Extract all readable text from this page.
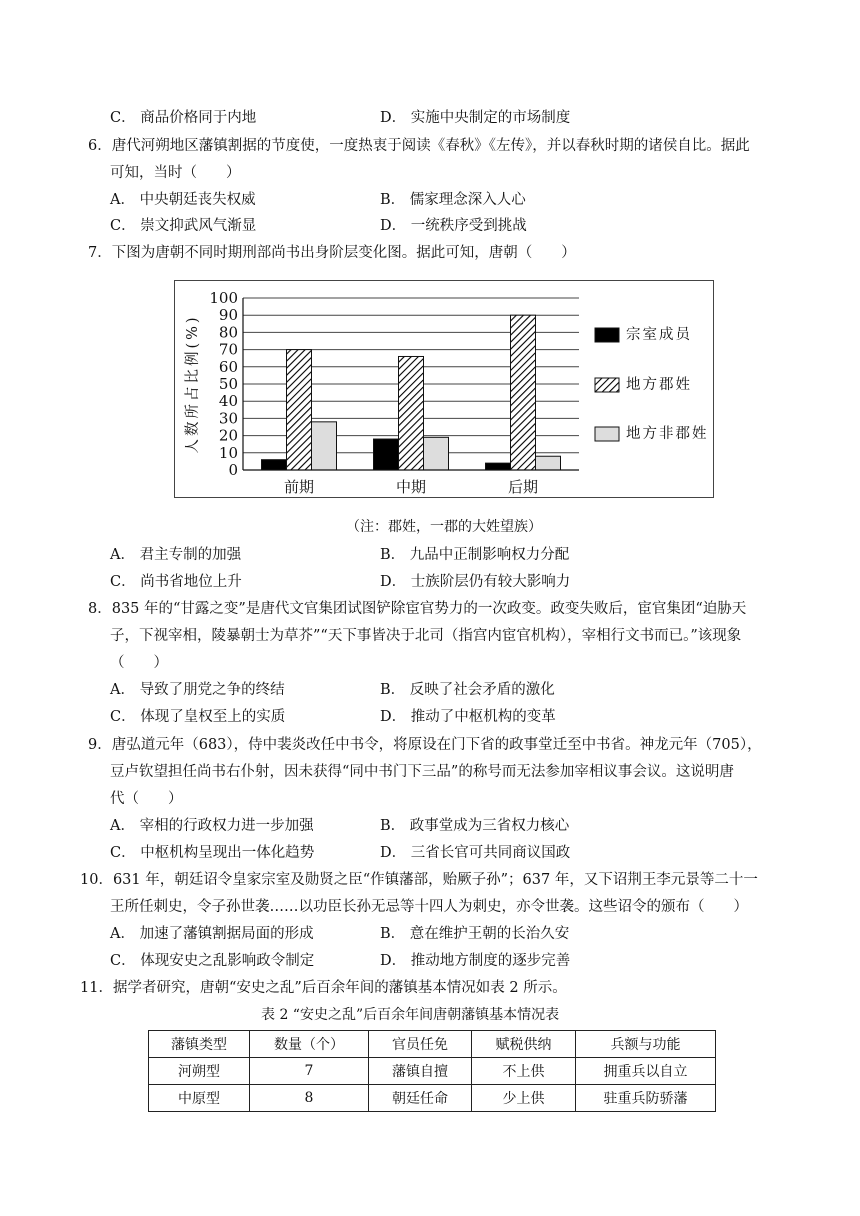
C． 商品价格同于内地	D． 实施中央制定的市场制度
6．唐代河朔地区藩镇割据的节度使，一度热衷于阅读《春秋》《左传》，并以春秋时期的诸侯自比。据此
可知，当时（　　）
A． 中央朝廷丧失权威	B． 儒家理念深入人心
C． 崇文抑武风气渐显	D． 一统秩序受到挑战
7．下图为唐朝不同时期刑部尚书出身阶层变化图。据此可知，唐朝（　　）
0
10
20
30
40
50
60
70
80
90
100
前期	中期	后期
人数所占比例(%)	宗室成员
地方郡姓
地方非郡姓
（注：郡姓，一郡的大姓望族）
A． 君主专制的加强	B． 九品中正制影响权力分配
C． 尚书省地位上升	D． 士族阶层仍有较大影响力
8．835 年的“甘露之变”是唐代文官集团试图铲除宦官势力的一次政变。政变失败后，宦官集团“迫胁天
子，下视宰相，陵暴朝士为草芥”“天下事皆决于北司（指宫内宦官机构），宰相行文书而已。”该现象
（　　）
A． 导致了朋党之争的终结	B． 反映了社会矛盾的激化
C． 体现了皇权至上的实质	D． 推动了中枢机构的变革
9．唐弘道元年（683），侍中裴炎改任中书令，将原设在门下省的政事堂迁至中书省。神龙元年（705），
豆卢钦望担任尚书右仆射，因未获得“同中书门下三品”的称号而无法参加宰相议事会议。这说明唐
代（　　）
A． 宰相的行政权力进一步加强	B． 政事堂成为三省权力核心
C． 中枢机构呈现出一体化趋势	D． 三省长官可共同商议国政
10．631 年，朝廷诏令皇家宗室及勋贤之臣“作镇藩部，贻厥子孙”；637 年，又下诏荆王李元景等二十一
王所任刺史，令子孙世袭……以功臣长孙无忌等十四人为刺史，亦令世袭。这些诏令的颁布（　　）
A． 加速了藩镇割据局面的形成	B． 意在维护王朝的长治久安
C． 体现安史之乱影响政令制定	D． 推动地方制度的逐步完善
11．据学者研究，唐朝“安史之乱”后百余年间的藩镇基本情况如表 2 所示。
表 2 “安史之乱”后百余年间唐朝藩镇基本情况表
藩镇类型	数量（个）	官员任免	赋税供纳	兵额与功能
河朔型	7	藩镇自擅	不上供	拥重兵以自立
中原型	8	朝廷任命	少上供	驻重兵防骄藩
